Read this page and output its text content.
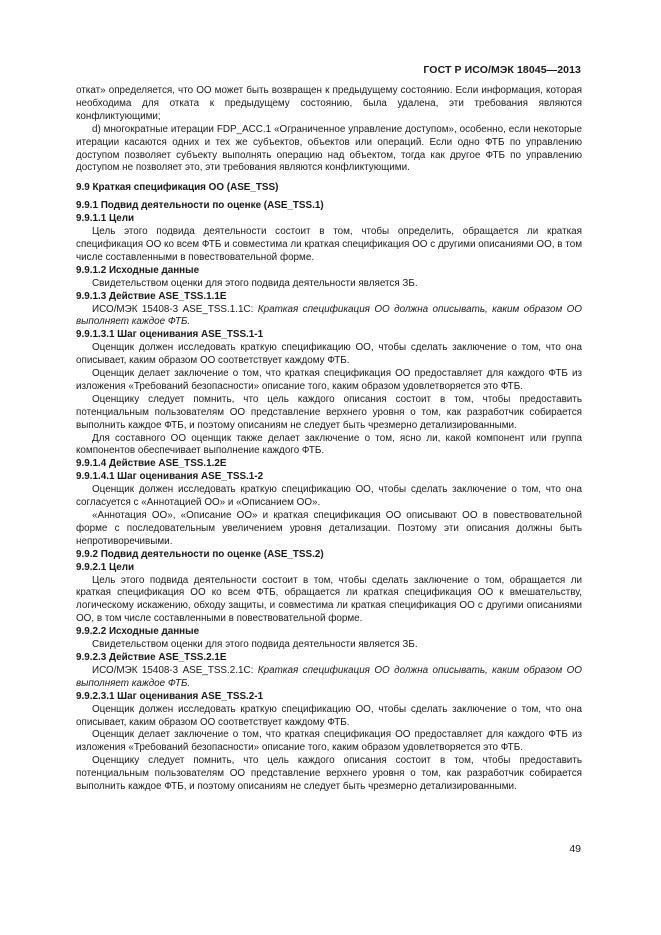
ГОСТ Р ИСО/МЭК 18045—2013

откат» определяется, что ОО может быть возвращен к предыдущему состоянию. Если информация, которая необходима для отката к предыдущему состоянию, была удалена, эти требования являются конфликтующими;

d) многократные итерации FDP_ACC.1 «Ограниченное управление доступом», особенно, если некоторые итерации касаются одних и тех же субъектов, объектов или операций. Если одно ФТБ по управлению доступом позволяет субъекту выполнять операцию над объектом, тогда как другое ФТБ по управлению доступом не позволяет это, эти требования являются конфликтующими.

9.9 Краткая спецификация ОО (ASE_TSS)

9.9.1 Подвид деятельности по оценке (ASE_TSS.1)

9.9.1.1 Цели

Цель этого подвида деятельности состоит в том, чтобы определить, обращается ли краткая спецификация ОО ко всем ФТБ и совместима ли краткая спецификация ОО с другими описаниями ОО, в том числе составленными в повествовательной форме.

9.9.1.2 Исходные данные

Свидетельством оценки для этого подвида деятельности является ЗБ.

9.9.1.3 Действие ASE_TSS.1.1E

ИСО/МЭК 15408-3 ASE_TSS.1.1C: Краткая спецификация ОО должна описывать, каким образом ОО выполняет каждое ФТБ.

9.9.1.3.1 Шаг оценивания ASE_TSS.1-1

Оценщик должен исследовать краткую спецификацию ОО, чтобы сделать заключение о том, что она описывает, каким образом ОО соответствует каждому ФТБ.

Оценщик делает заключение о том, что краткая спецификация ОО предоставляет для каждого ФТБ из изложения «Требований безопасности» описание того, каким образом удовлетворяется это ФТБ.

Оценщику следует помнить, что цель каждого описания состоит в том, чтобы предоставить потенциальным пользователям ОО представление верхнего уровня о том, как разработчик собирается выполнить каждое ФТБ, и поэтому описаниям не следует быть чрезмерно детализированными.

Для составного ОО оценщик также делает заключение о том, ясно ли, какой компонент или группа компонентов обеспечивает выполнение каждого ФТБ.

9.9.1.4 Действие ASE_TSS.1.2E

9.9.1.4.1 Шаг оценивания ASE_TSS.1-2

Оценщик должен исследовать краткую спецификацию ОО, чтобы сделать заключение о том, что она согласуется с «Аннотацией ОО» и «Описанием ОО».

«Аннотация ОО», «Описание ОО» и краткая спецификация ОО описывают ОО в повествовательной форме с последовательным увеличением уровня детализации. Поэтому эти описания должны быть непротиворечивыми.

9.9.2 Подвид деятельности по оценке (ASE_TSS.2)

9.9.2.1 Цели

Цель этого подвида деятельности состоит в том, чтобы сделать заключение о том, обращается ли краткая спецификация ОО ко всем ФТБ, обращается ли краткая спецификация ОО к вмешательству, логическому искажению, обходу защиты, и совместима ли краткая спецификация ОО с другими описаниями ОО, в том числе составленными в повествовательной форме.

9.9.2.2 Исходные данные

Свидетельством оценки для этого подвида деятельности является ЗБ.

9.9.2.3 Действие ASE_TSS.2.1E

ИСО/МЭК 15408-3 ASE_TSS.2.1C: Краткая спецификация ОО должна описывать, каким образом ОО выполняет каждое ФТБ.

9.9.2.3.1 Шаг оценивания ASE_TSS.2-1

Оценщик должен исследовать краткую спецификацию ОО, чтобы сделать заключение о том, что она описывает, каким образом ОО соответствует каждому ФТБ.

Оценщик делает заключение о том, что краткая спецификация ОО предоставляет для каждого ФТБ из изложения «Требований безопасности» описание того, каким образом удовлетворяется это ФТБ.

Оценщику следует помнить, что цель каждого описания состоит в том, чтобы предоставить потенциальным пользователям ОО представление верхнего уровня о том, как разработчик собирается выполнить каждое ФТБ, и поэтому описаниям не следует быть чрезмерно детализированными.

49
